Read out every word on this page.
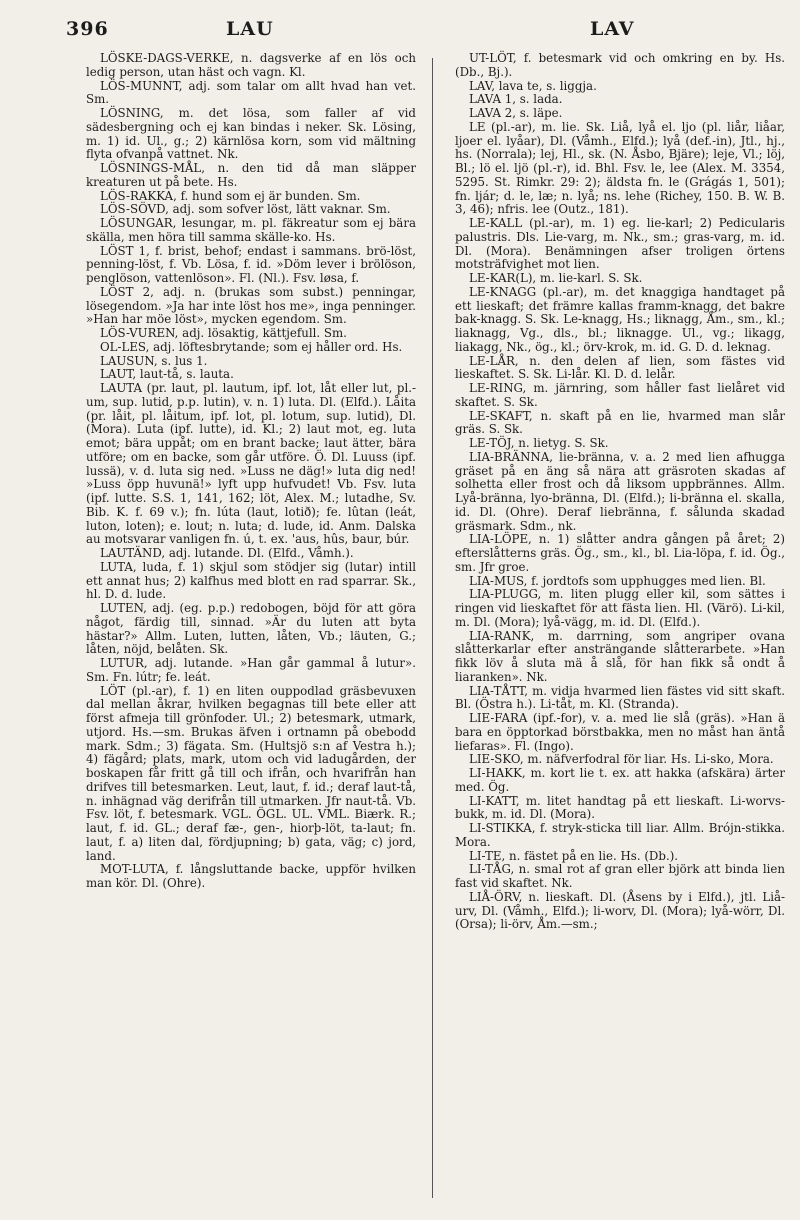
396	LAU	LAV

LÖSKE-DAGS-VERKE, n. dagsverke af en lös och ledig person, utan häst och vagn. Kl.

LÖS-MUNNT, adj. som talar om allt hvad han vet. Sm.

LÖSNING, m. det lösa, som faller af vid sädesbergning och ej kan bindas i neker. Sk. Lösing, m. 1) id. Ul., g.; 2) kärnlösa korn, som vid mältning flyta ofvanpå vattnet. Nk.

LÖSNINGS-MÅL, n. den tid då man släpper kreaturen ut på bete. Hs.

LÖS-RAKKA, f. hund som ej är bunden. Sm.

LÖS-SÖVD, adj. som sofver löst, lätt vaknar. Sm.

LÖSUNGAR, lesungar, m. pl. fäkreatur som ej bära skälla, men höra till samma skälle-ko. Hs.

LÖST 1, f. brist, behof; endast i sammans. brö-löst, penning-löst, f. Vb. Lösa, f. id. »Döm lever i brölöson, penglöson, vattenlöson». Fl. (Nl.). Fsv. løsa, f.

LÖST 2, adj. n. (brukas som subst.) penningar, lösegendom. »Ja har inte löst hos me», inga penninger. »Han har möe löst», mycken egendom. Sm.

LÖS-VUREN, adj. lösaktig, kättjefull. Sm.

OL-LES, adj. löftesbrytande; som ej håller ord. Hs.

LAUSUN, s. lus 1.

LAUT, laut-tå, s. lauta.

LAUTA (pr. laut, pl. lautum, ipf. lot, låt eller lut, pl.-um, sup. lutid, p.p. lutin), v. n. 1) luta. Dl. (Elfd.). Låita (pr. låit, pl. låitum, ipf. lot, pl. lotum, sup. lutid), Dl. (Mora). Luta (ipf. lutte), id. Kl.; 2) laut mot, eg. luta emot; bära uppåt; om en brant backe; laut ätter, bära utföre; om en backe, som går utföre. Ö. Dl. Luuss (ipf. lussä), v. d. luta sig ned. »Luss ne däg!» luta dig ned! »Luss öpp huvunä!» lyft upp hufvudet! Vb. Fsv. luta (ipf. lutte. S.S. 1, 141, 162; löt, Alex. M.; lutadhe, Sv. Bib. K. f. 69 v.); fn. lúta (laut, lotið); fe. lûtan (leát, luton, loten); e. lout; n. luta; d. lude, id. Anm. Dalska au motsvarar vanligen fn. ú, t. ex. 'aus, hûs, baur, búr.

LAUTÄND, adj. lutande. Dl. (Elfd., Våmh.).

LUTA, luda, f. 1) skjul som stödjer sig (lutar) intill ett annat hus; 2) kalfhus med blott en rad sparrar. Sk., hl. D. d. lude.

LUTEN, adj. (eg. p.p.) redobogen, böjd för att göra något, färdig till, sinnad. »Är du luten att byta hästar?» Allm. Luten, lutten, låten, Vb.; läuten, G.; låten, nöjd, belåten. Sk.

LUTUR, adj. lutande. »Han går gammal å lutur». Sm. Fn. lútr; fe. leát.

LÖT (pl.-ar), f. 1) en liten ouppodlad gräsbevuxen dal mellan åkrar, hvilken begagnas till bete eller att först afmeja till grönfoder. Ul.; 2) betesmark, utmark, utjord. Hs.—sm. Brukas äfven i ortnamn på obebodd mark. Sdm.; 3) fägata. Sm. (Hultsjö s:n af Vestra h.); 4) fägård; plats, mark, utom och vid ladugården, der boskapen får fritt gå till och ifrån, och hvarifrån han drifves till betesmarken. Leut, laut, f. id.; deraf laut-tå, n. inhägnad väg derifrån till utmarken. Jfr naut-tå. Vb. Fsv. löt, f. betesmark. VGL. ÖGL. UL. VML. Biærk. R.; laut, f. id. GL.; deraf fæ-, gen-, hiorþ-löt, ta-laut; fn. laut, f. a) liten dal, fördjupning; b) gata, väg; c) jord, land.

MOT-LUTA, f. långsluttande backe, uppför hvilken man kör. Dl. (Ohre).

UT-LÖT, f. betesmark vid och omkring en by. Hs. (Db., Bj.).

LAV, lava te, s. liggja.

LAVA 1, s. lada.

LAVA 2, s. läpe.

LE (pl.-ar), m. lie. Sk. Liå, lyå el. ljo (pl. liår, liåar, ljoer el. lyåar), Dl. (Våmh., Elfd.); lyå (def.-in), Jtl., hj., hs. (Norrala); lej, Hl., sk. (N. Åsbo, Bjäre); leje, Vl.; löj, Bl.; lö el. ljö (pl.-r), id. Bhl. Fsv. le, lee (Alex. M. 3354, 5295. St. Rimkr. 29: 2); äldsta fn. le (Grágás 1, 501); fn. ljár; d. le, læ; n. lyå; ns. lehe (Richey, 150. B. W. B. 3, 46); nfris. lee (Outz., 181).

LE-KALL (pl.-ar), m. 1) eg. lie-karl; 2) Pedicularis palustris. Dls. Lie-varg, m. Nk., sm.; gras-varg, m. id. Dl. (Mora). Benämningen afser troligen örtens motsträfvighet mot lien.

LE-KAR(L), m. lie-karl. S. Sk.

LE-KNAGG (pl.-ar), m. det knaggiga handtaget på ett lieskaft; det främre kallas framm-knagg, det bakre bak-knagg. S. Sk. Le-knagg, Hs.; liknagg, Åm., sm., kl.; liaknagg, Vg., dls., bl.; liknagge. Ul., vg.; likagg, liakagg, Nk., ög., kl.; örv-krok, m. id. G. D. d. leknag.

LE-LÅR, n. den delen af lien, som fästes vid lieskaftet. S. Sk. Li-lår. Kl. D. d. lelår.

LE-RING, m. järnring, som håller fast lielåret vid skaftet. S. Sk.

LE-SKAFT, n. skaft på en lie, hvarmed man slår gräs. S. Sk.

LE-TÖJ, n. lietyg. S. Sk.

LIA-BRÄNNA, lie-bränna, v. a. 2 med lien afhugga gräset på en äng så nära att gräsroten skadas af solhetta eller frost och då liksom uppbrännes. Allm. Lyå-bränna, lyo-bränna, Dl. (Elfd.); li-bränna el. skalla, id. Dl. (Ohre). Deraf liebränna, f. sålunda skadad gräsmark. Sdm., nk.

LIA-LÖPE, n. 1) slåtter andra gången på året; 2) efterslåtterns gräs. Ög., sm., kl., bl. Lia-löpa, f. id. Ög., sm. Jfr groe.

LIA-MUS, f. jordtofs som upphugges med lien. Bl.

LIA-PLUGG, m. liten plugg eller kil, som sättes i ringen vid lieskaftet för att fästa lien. Hl. (Värö). Li-kil, m. Dl. (Mora); lyå-vägg, m. id. Dl. (Elfd.).

LIA-RANK, m. darrning, som angriper ovana slåtterkarlar efter ansträngande slåtterarbete. »Han fikk löv å sluta mä å slå, för han fikk så ondt å liaranken». Nk.

LIA-TÅTT, m. vidja hvarmed lien fästes vid sitt skaft. Bl. (Östra h.). Li-tåt, m. Kl. (Stranda).

LIE-FARA (ipf.-for), v. a. med lie slå (gräs). »Han ä bara en öpptorkad börstbakka, men no måst han äntå liefaras». Fl. (Ingo).

LIE-SKO, m. näfverfodral för liar. Hs. Li-sko, Mora.

LI-HAKK, m. kort lie t. ex. att hakka (afskära) ärter med. Ög.

LI-KATT, m. litet handtag på ett lieskaft. Li-worvs-bukk, m. id. Dl. (Mora).

LI-STIKKA, f. stryk-sticka till liar. Allm. Brójn-stikka. Mora.

LI-TE, n. fästet på en lie. Hs. (Db.).

LI-TÅG, n. smal rot af gran eller björk att binda lien fast vid skaftet. Nk.

LIÅ-ÖRV, n. lieskaft. Dl. (Åsens by i Elfd.), jtl. Liå-urv, Dl. (Våmh., Elfd.); li-worv, Dl. (Mora); lyå-wörr, Dl. (Orsa); li-örv, Åm.—sm.;
